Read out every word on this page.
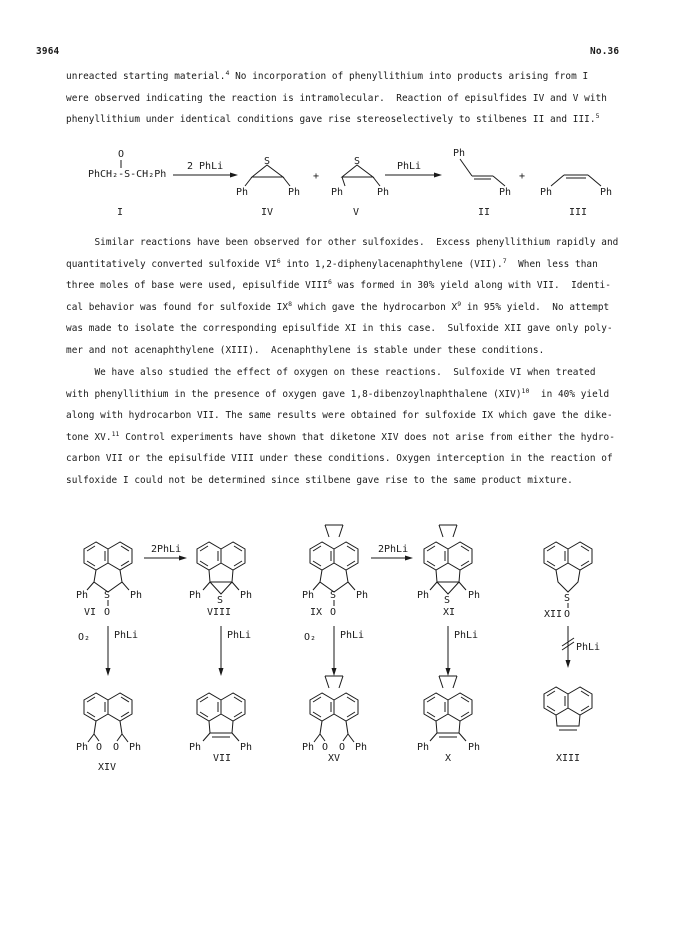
3964	No.36
unreacted starting material.$^4$ No incorporation of phenyllithium into products arising from I
were observed indicating the reaction is intramolecular.  Reaction of episulfides IV and V with
phenyllithium under identical conditions gave rise stereoselectively to stilbenes II and III.$^5$
PhCH₂-S-CH₂Ph
O
I
2 PhLi	S
Ph	Ph
IV
+
S
Ph	Ph
V
PhLi
Ph
Ph
II
+
Ph	Ph
III
Similar reactions have been observed for other sulfoxides.  Excess phenyllithium rapidly and
quantitatively converted sulfoxide $VI^6$ into 1,2-diphenylacenaphthylene (VII).$^7$  When less than
three moles of base were used, episulfide VIII$^6$ was formed in 30% yield along with VII.  Identi-
cal behavior was found for sulfoxide $IX^8$ which gave the hydrocarbon $X^9$ in 95% yield.  No attempt
was made to isolate the corresponding episulfide XI in this case.  Sulfoxide XII gave only poly-
mer and not acenaphthylene (XIII).  Acenaphthylene is stable under these conditions.
We have also studied the effect of oxygen on these reactions.  Sulfoxide VI when treated
with phenyllithium in the presence of oxygen gave 1,8-dibenzoylnaphthalene (XIV)$^{10}$  in 40% yield
along with hydrocarbon VII. The same results were obtained for sulfoxide IX which gave the dike-
tone XV.$^{11}$ Control experiments have shown that diketone XIV does not arise from either the hydro-
carbon VII or the episulfide VIII under these conditions. Oxygen interception in the reaction of
sulfoxide I could not be determined since stilbene gave rise to the same product mixture.
2PhLi	2PhLi
Ph	Ph
S
O
VI
Ph	Ph
S
VIII
Ph	Ph
S
O
IX
Ph	Ph
S
XI
S
O
XII
O₂ PhLi	PhLi	O₂ PhLi	PhLi
PhLi
Ph O O Ph
XIV
Ph	Ph
VII
Ph O O Ph
XV
Ph	Ph
X	XIII
